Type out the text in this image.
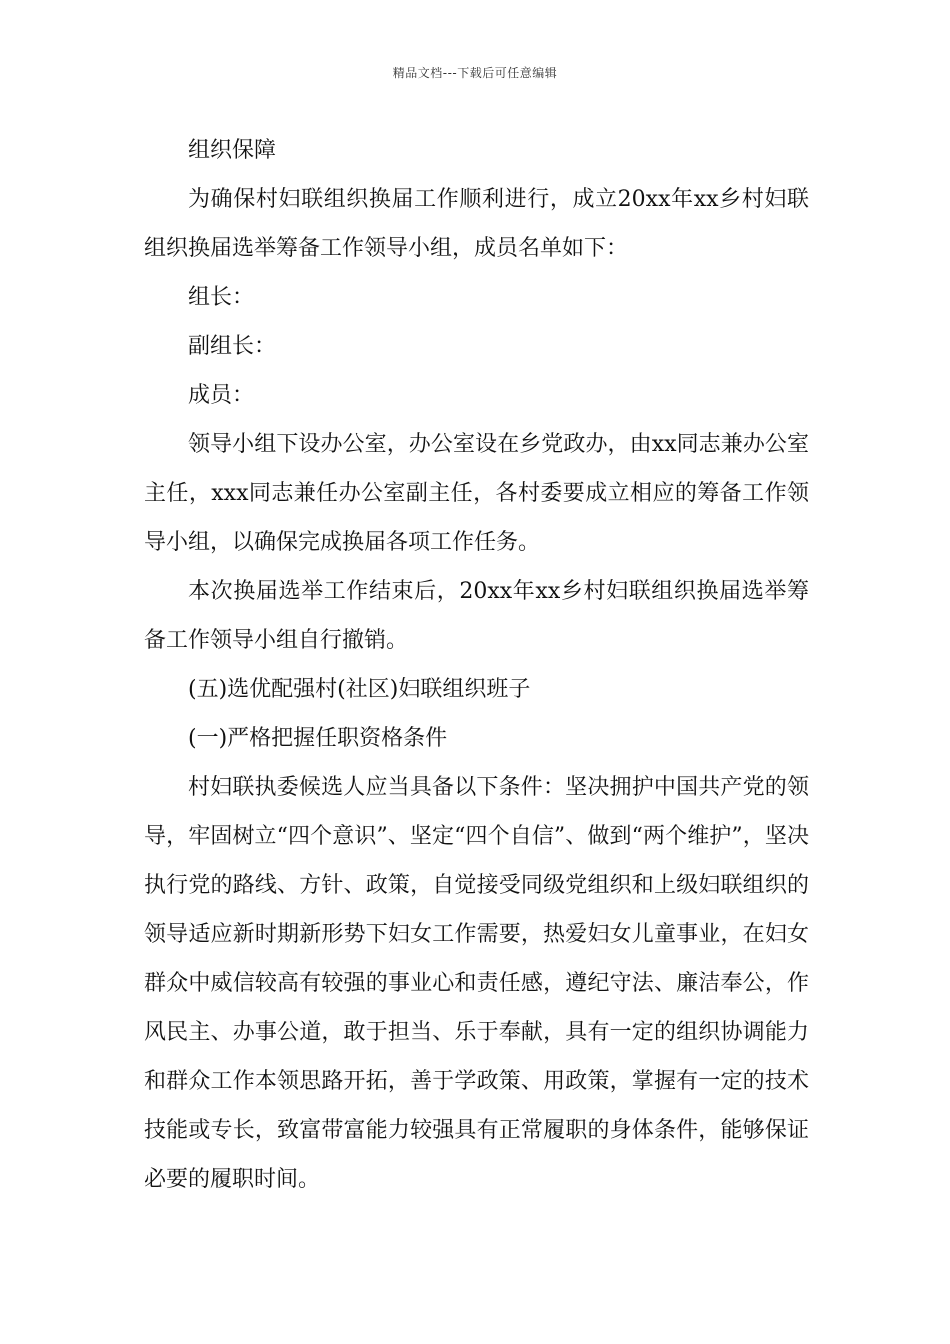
精品文档---下载后可任意编辑

组织保障

为确保村妇联组织换届工作顺利进行，成立20xx年xx乡村妇联组织换届选举筹备工作领导小组，成员名单如下：

组长：

副组长：

成员：

领导小组下设办公室，办公室设在乡党政办，由xx同志兼办公室主任，xxx同志兼任办公室副主任，各村委要成立相应的筹备工作领导小组，以确保完成换届各项工作任务。

本次换届选举工作结束后，20xx年xx乡村妇联组织换届选举筹备工作领导小组自行撤销。

(五)选优配强村(社区)妇联组织班子

(一)严格把握任职资格条件

村妇联执委候选人应当具备以下条件：坚决拥护中国共产党的领导，牢固树立“四个意识”、坚定“四个自信”、做到“两个维护”，坚决执行党的路线、方针、政策，自觉接受同级党组织和上级妇联组织的领导适应新时期新形势下妇女工作需要，热爱妇女儿童事业，在妇女群众中威信较高有较强的事业心和责任感，遵纪守法、廉洁奉公，作风民主、办事公道，敢于担当、乐于奉献，具有一定的组织协调能力和群众工作本领思路开拓，善于学政策、用政策，掌握有一定的技术技能或专长，致富带富能力较强具有正常履职的身体条件，能够保证必要的履职时间。
